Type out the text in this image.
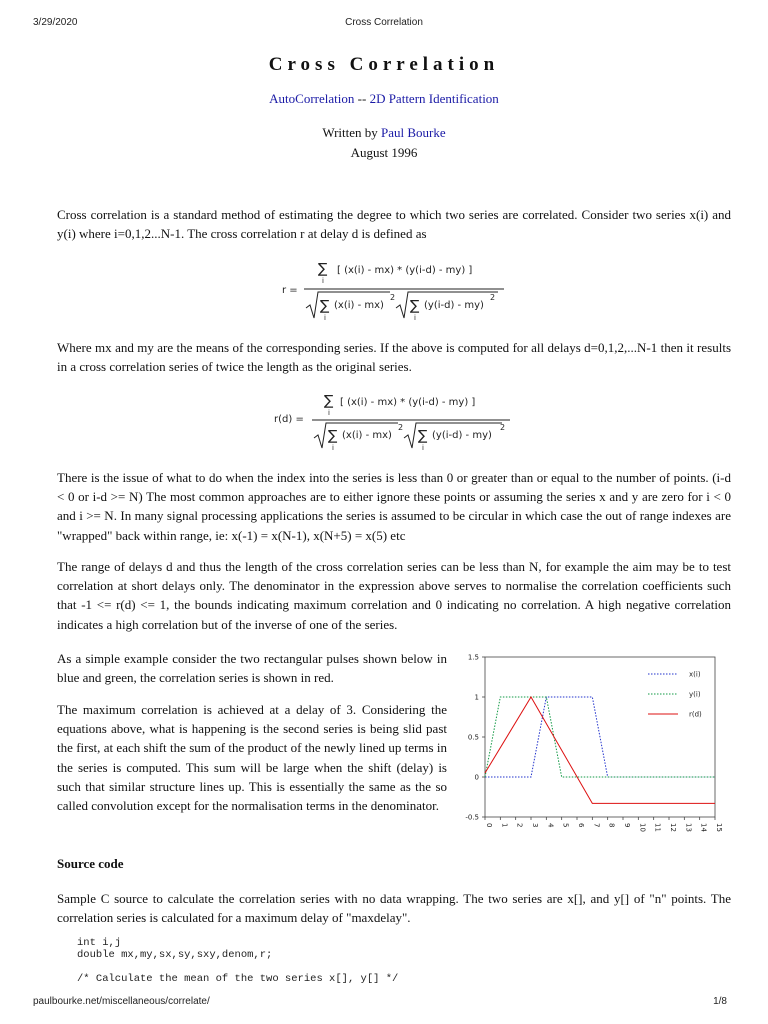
3/29/2020	Cross Correlation
Cross Correlation
AutoCorrelation -- 2D Pattern Identification
Written by Paul Bourke
August 1996

Cross correlation is a standard method of estimating the degree to which two series are correlated. Consider two series x(i) and y(i) where i=0,1,2...N-1. The cross correlation r at delay d is defined as

r =
∑
i
[ (x(i) - mx) * (y(i-d) - my) ]
∑
i
(x(i) - mx)
2
∑
i
(y(i-d) - my)
2

Where mx and my are the means of the corresponding series. If the above is computed for all delays d=0,1,2,...N-1 then it results in a cross correlation series of twice the length as the original series.

r(d) =
∑
i
[ (x(i) - mx) * (y(i-d) - my) ]
∑
i
(x(i) - mx)
2
∑
i
(y(i-d) - my)
2

There is the issue of what to do when the index into the series is less than 0 or greater than or equal to the number of points. (i-d < 0 or i-d >= N) The most common approaches are to either ignore these points or assuming the series x and y are zero for i < 0 and i >= N. In many signal processing applications the series is assumed to be circular in which case the out of range indexes are "wrapped" back within range, ie: x(-1) = x(N-1), x(N+5) = x(5) etc

The range of delays d and thus the length of the cross correlation series can be less than N, for example the aim may be to test correlation at short delays only. The denominator in the expression above serves to normalise the correlation coefficients such that -1 <= r(d) <= 1, the bounds indicating maximum correlation and 0 indicating no correlation. A high negative correlation indicates a high correlation but of the inverse of one of the series.

As a simple example consider the two rectangular pulses shown below in blue and green, the correlation series is shown in red.

The maximum correlation is achieved at a delay of 3. Considering the equations above, what is happening is the second series is being slid past the first, at each shift the sum of the product of the newly lined up terms in the series is computed. This sum will be large when the shift (delay) is such that similar structure lines up. This is essentially the same as the so called convolution except for the normalisation terms in the denominator.

-0.5
0
0.5
1
1.5
0 1 2 3 4 5 6 7 8 9 10 11 12 13 14 15
x(i)
y(i)
r(d)
Source code

Sample C source to calculate the correlation series with no data wrapping. The two series are x[], and y[] of "n" points. The correlation series is calculated for a maximum delay of "maxdelay".

int i,j
double mx,my,sx,sy,sxy,denom,r;

/* Calculate the mean of the two series x[], y[] */
paulbourke.net/miscellaneous/correlate/	1/8
